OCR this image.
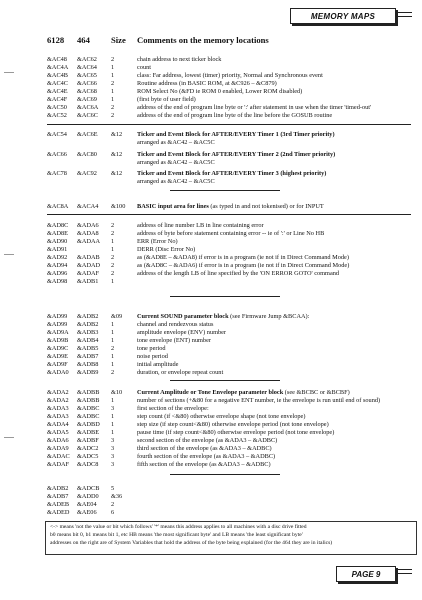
MEMORY MAPS
6128 464 Size Comments on the memory locations
&AC48 &AC62 2	chain address to next ticker block
&AC4A &AC64 1	count
&AC4B &AC65 1	class: Far address, lowest (timer) priority, Normal and Synchronous event
&AC4C &AC66 2	Routine address (in BASIC ROM, at &C926 – &C879)
&AC4E &AC68 1	ROM Select No (&FD ie ROM 0 enabled, Lower ROM disabled)
&AC4F &AC69 1	(first byte of user field)
&AC50 &AC6A 2	address of the end of program line byte or ':' after statement in use when the timer 'timed-out'
&AC52 &AC6C 2	address of the end of program line byte of the line before the GOSUB routine
&AC54 &AC6E &12 Ticker and Event Block for AFTER/EVERY Timer 1 (3rd Timer priority)
arranged as &AC42 – &AC5C
&AC66 &AC80 &12 Ticker and Event Block for AFTER/EVERY Timer 2 (2nd Timer priority)
arranged as &AC42 – &AC5C
&AC78 &AC92 &12 Ticker and Event Block for AFTER/EVERY Timer 3 (highest priority)
arranged as &AC42 – &AC5C
&AC8A &ACA4 &100 BASIC input area for lines (as typed in and not tokenised) or for INPUT
&AD8C &ADA6 2	address of line number LB in line containing error
&AD8E &ADA8 2	address of byte before statement containing error -- ie of ':' or Line No HB
&AD90 &ADAA 1	ERR (Error No)
&AD91	1	DERR (Disc Error No)
&AD92 &ADAB 2	as (&AD8E – &ADA8) if error is in a program (ie not if in Direct Command Mode)
&AD94 &ADAD 2	as (&AD8C – &ADA6) if error is in a program (ie not if in Direct Command Mode)
&AD96 &ADAF 2	address of the length LB of line specified by the 'ON ERROR GOTO' command
&AD98 &ADB1 1
&AD99 &ADB2 &09 Current SOUND parameter block (see Firmware Jump &BCAA):
&AD99 &ADB2 1	channel and rendezvous status
&AD9A &ADB3 1	amplitude envelope (ENV) number
&AD9B &ADB4 1	tone envelope (ENT) number
&AD9C &ADB5 2	tone period
&AD9E &ADB7 1	noise period
&AD9F &ADB8 1	initial amplitude
&ADA0 &ADB9 2	duration, or envelope repeat count
&ADA2 &ADBB &10 Current Amplitude or Tone Envelope parameter block (see &BCBC or &BCBF)
&ADA2 &ADBB 1	number of sections (+&80 for a negative ENT number, ie the envelope is run until end of sound)
&ADA3 &ADBC 3	first section of the envelope:
&ADA3 &ADBC 1	step count (if <&80) otherwise envelope shape (not tone envelope)
&ADA4 &ADBD 1	step size (if step count<&80) otherwise envelope period (not tone envelope)
&ADA5 &ADBE 1	pause time (if step count<&80) otherwise envelope period (not tone envelope)
&ADA6 &ADBF 3	second section of the envelope (as &ADA3 – &ADBC)
&ADA9 &ADC2 3	third section of the envelope (as &ADA3 – &ADBC)
&ADAC &ADC5 3	fourth section of the envelope (as &ADA3 – &ADBC)
&ADAF &ADC8 3	fifth section of the envelope (as &ADA3 – &ADBC)
&ADB2 &ADCB 5
&ADB7 &ADD0 &36
&ADEB &AE04 2
&ADED &AE06 6
<-> means 'not the value or bit which follows' '*' means this address applies to all machines with a disc drive fitted
b0 means bit 0, b1 means bit 1, etc HB means 'the most significant byte' and LB means 'the least significant byte'
addresses on the right are of System Variables that hold the address of the byte being explained (for the 464 they are in italics)
PAGE 9
